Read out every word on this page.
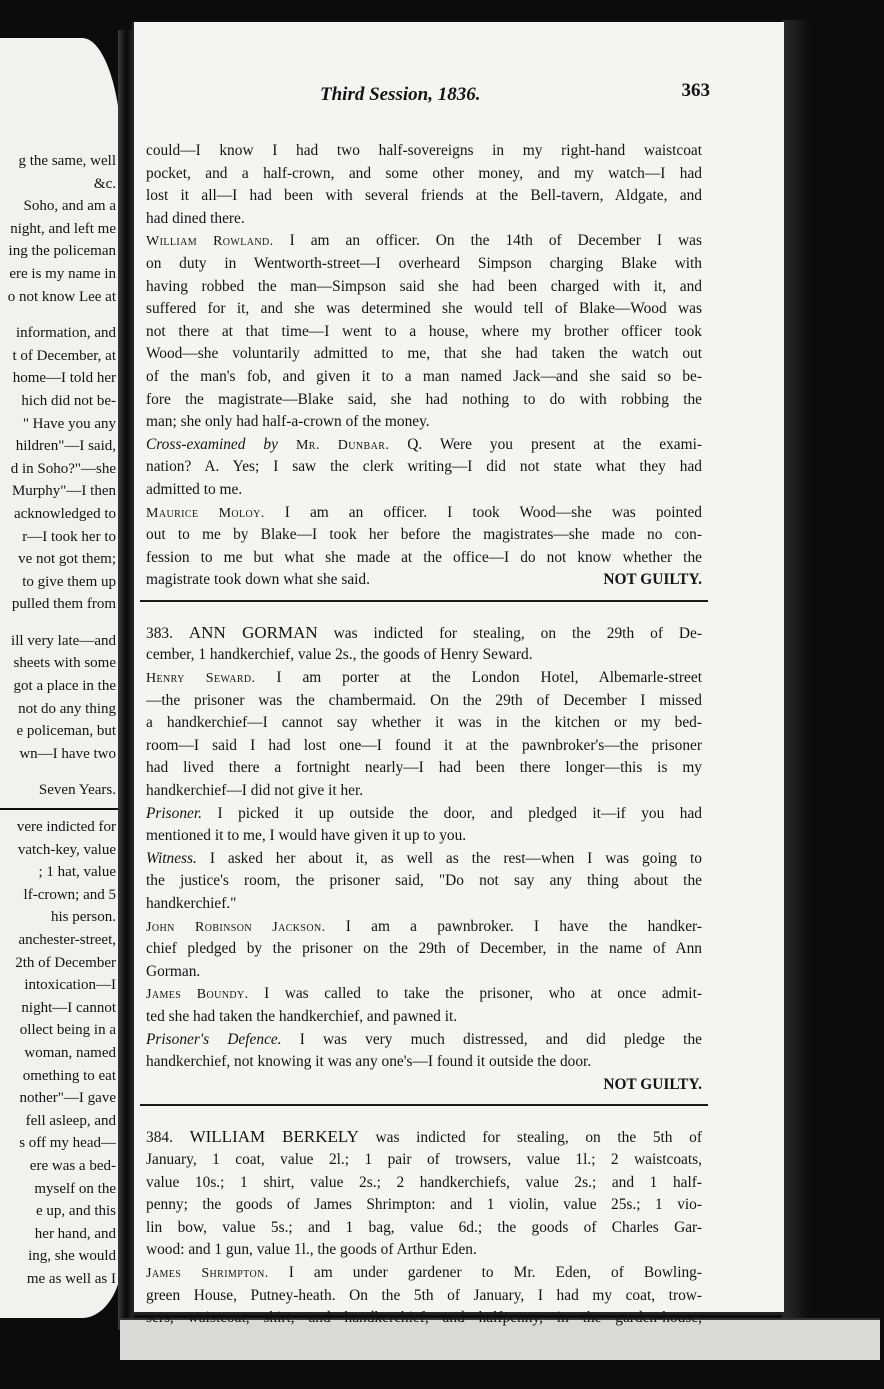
g the same, well
&c.
Soho, and am a
night, and left me
ing the policeman
ere is my name in
o not know Lee at
information, and
t of December, at
home—I told her
hich did not be-
" Have you any
hildren"—I said,
d in Soho?"—she
Murphy"—I then
acknowledged to
r—I took her to
ve not got them;
to give them up
pulled them from
ill very late—and
sheets with some
got a place in the
not do any thing
e policeman, but
wn—I have two
Seven Years.
vere indicted for
vatch-key, value
; 1 hat, value
lf-crown; and 5
his person.
anchester-street,
2th of December
intoxication—I
night—I cannot
ollect being in a
woman, named
omething to eat
nother"—I gave
fell asleep, and
s off my head—
ere was a bed-
myself on the
e up, and this
her hand, and
ing, she would
me as well as I
Third Session, 1836.	363
could—I know I had two half-sovereigns in my right-hand waistcoat
pocket, and a half-crown, and some other money, and my watch—I had
lost it all—I had been with several friends at the Bell-tavern, Aldgate, and
had dined there.
William Rowland. I am an officer. On the 14th of December I was
on duty in Wentworth-street—I overheard Simpson charging Blake with
having robbed the man—Simpson said she had been charged with it, and
suffered for it, and she was determined she would tell of Blake—Wood was
not there at that time—I went to a house, where my brother officer took
Wood—she voluntarily admitted to me, that she had taken the watch out
of the man's fob, and given it to a man named Jack—and she said so be-
fore the magistrate—Blake said, she had nothing to do with robbing the
man; she only had half-a-crown of the money.
Cross-examined by Mr. Dunbar. Q. Were you present at the exami-
nation? A. Yes; I saw the clerk writing—I did not state what they had
admitted to me.
Maurice Moloy. I am an officer. I took Wood—she was pointed
out to me by Blake—I took her before the magistrates—she made no con-
fession to me but what she made at the office—I do not know whether the
magistrate took down what she said.	NOT GUILTY.
383. ANN GORMAN was indicted for stealing, on the 29th of De-
cember, 1 handkerchief, value 2s., the goods of Henry Seward.
Henry Seward. I am porter at the London Hotel, Albemarle-street
—the prisoner was the chambermaid. On the 29th of December I missed
a handkerchief—I cannot say whether it was in the kitchen or my bed-
room—I said I had lost one—I found it at the pawnbroker's—the prisoner
had lived there a fortnight nearly—I had been there longer—this is my
handkerchief—I did not give it her.
Prisoner. I picked it up outside the door, and pledged it—if you had
mentioned it to me, I would have given it up to you.
Witness. I asked her about it, as well as the rest—when I was going to
the justice's room, the prisoner said, "Do not say any thing about the
handkerchief."
John Robinson Jackson. I am a pawnbroker. I have the handker-
chief pledged by the prisoner on the 29th of December, in the name of Ann
Gorman.
James Boundy. I was called to take the prisoner, who at once admit-
ted she had taken the handkerchief, and pawned it.
Prisoner's Defence. I was very much distressed, and did pledge the
handkerchief, not knowing it was any one's—I found it outside the door.
NOT GUILTY.
384. WILLIAM BERKELY was indicted for stealing, on the 5th of
January, 1 coat, value 2l.; 1 pair of trowsers, value 1l.; 2 waistcoats,
value 10s.; 1 shirt, value 2s.; 2 handkerchiefs, value 2s.; and 1 half-
penny; the goods of James Shrimpton: and 1 violin, value 25s.; 1 vio-
lin bow, value 5s.; and 1 bag, value 6d.; the goods of Charles Gar-
wood: and 1 gun, value 1l., the goods of Arthur Eden.
James Shrimpton. I am under gardener to Mr. Eden, of Bowling-
green House, Putney-heath. On the 5th of January, I had my coat, trow-
sers, waistcoat, shirt, and handkerchief, and halfpenny, in the garden-house,
